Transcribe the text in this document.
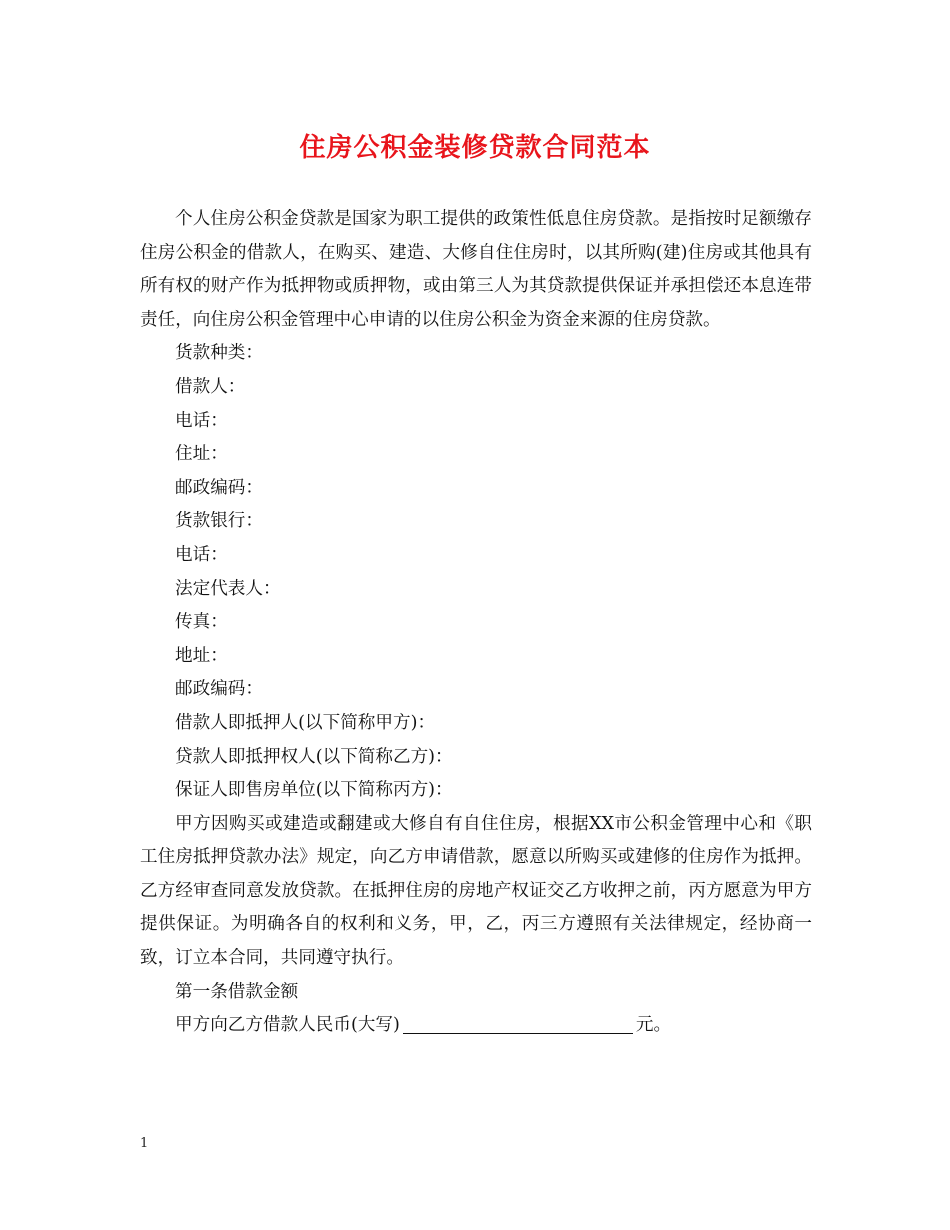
住房公积金装修贷款合同范本

个人住房公积金贷款是国家为职工提供的政策性低息住房贷款。是指按时足额缴存住房公积金的借款人，在购买、建造、大修自住住房时，以其所购(建)住房或其他具有所有权的财产作为抵押物或质押物，或由第三人为其贷款提供保证并承担偿还本息连带责任，向住房公积金管理中心申请的以住房公积金为资金来源的住房贷款。

货款种类：

借款人：

电话：

住址：

邮政编码：

货款银行：

电话：

法定代表人：

传真：

地址：

邮政编码：

借款人即抵押人(以下简称甲方)：

贷款人即抵押权人(以下简称乙方)：

保证人即售房单位(以下简称丙方)：

甲方因购买或建造或翻建或大修自有自住住房，根据XX市公积金管理中心和《职工住房抵押贷款办法》规定，向乙方申请借款，愿意以所购买或建修的住房作为抵押。乙方经审查同意发放贷款。在抵押住房的房地产权证交乙方收押之前，丙方愿意为甲方提供保证。为明确各自的权利和义务，甲，乙，丙三方遵照有关法律规定，经协商一致，订立本合同，共同遵守执行。

第一条借款金额

甲方向乙方借款人民币(大写)	元。

1
